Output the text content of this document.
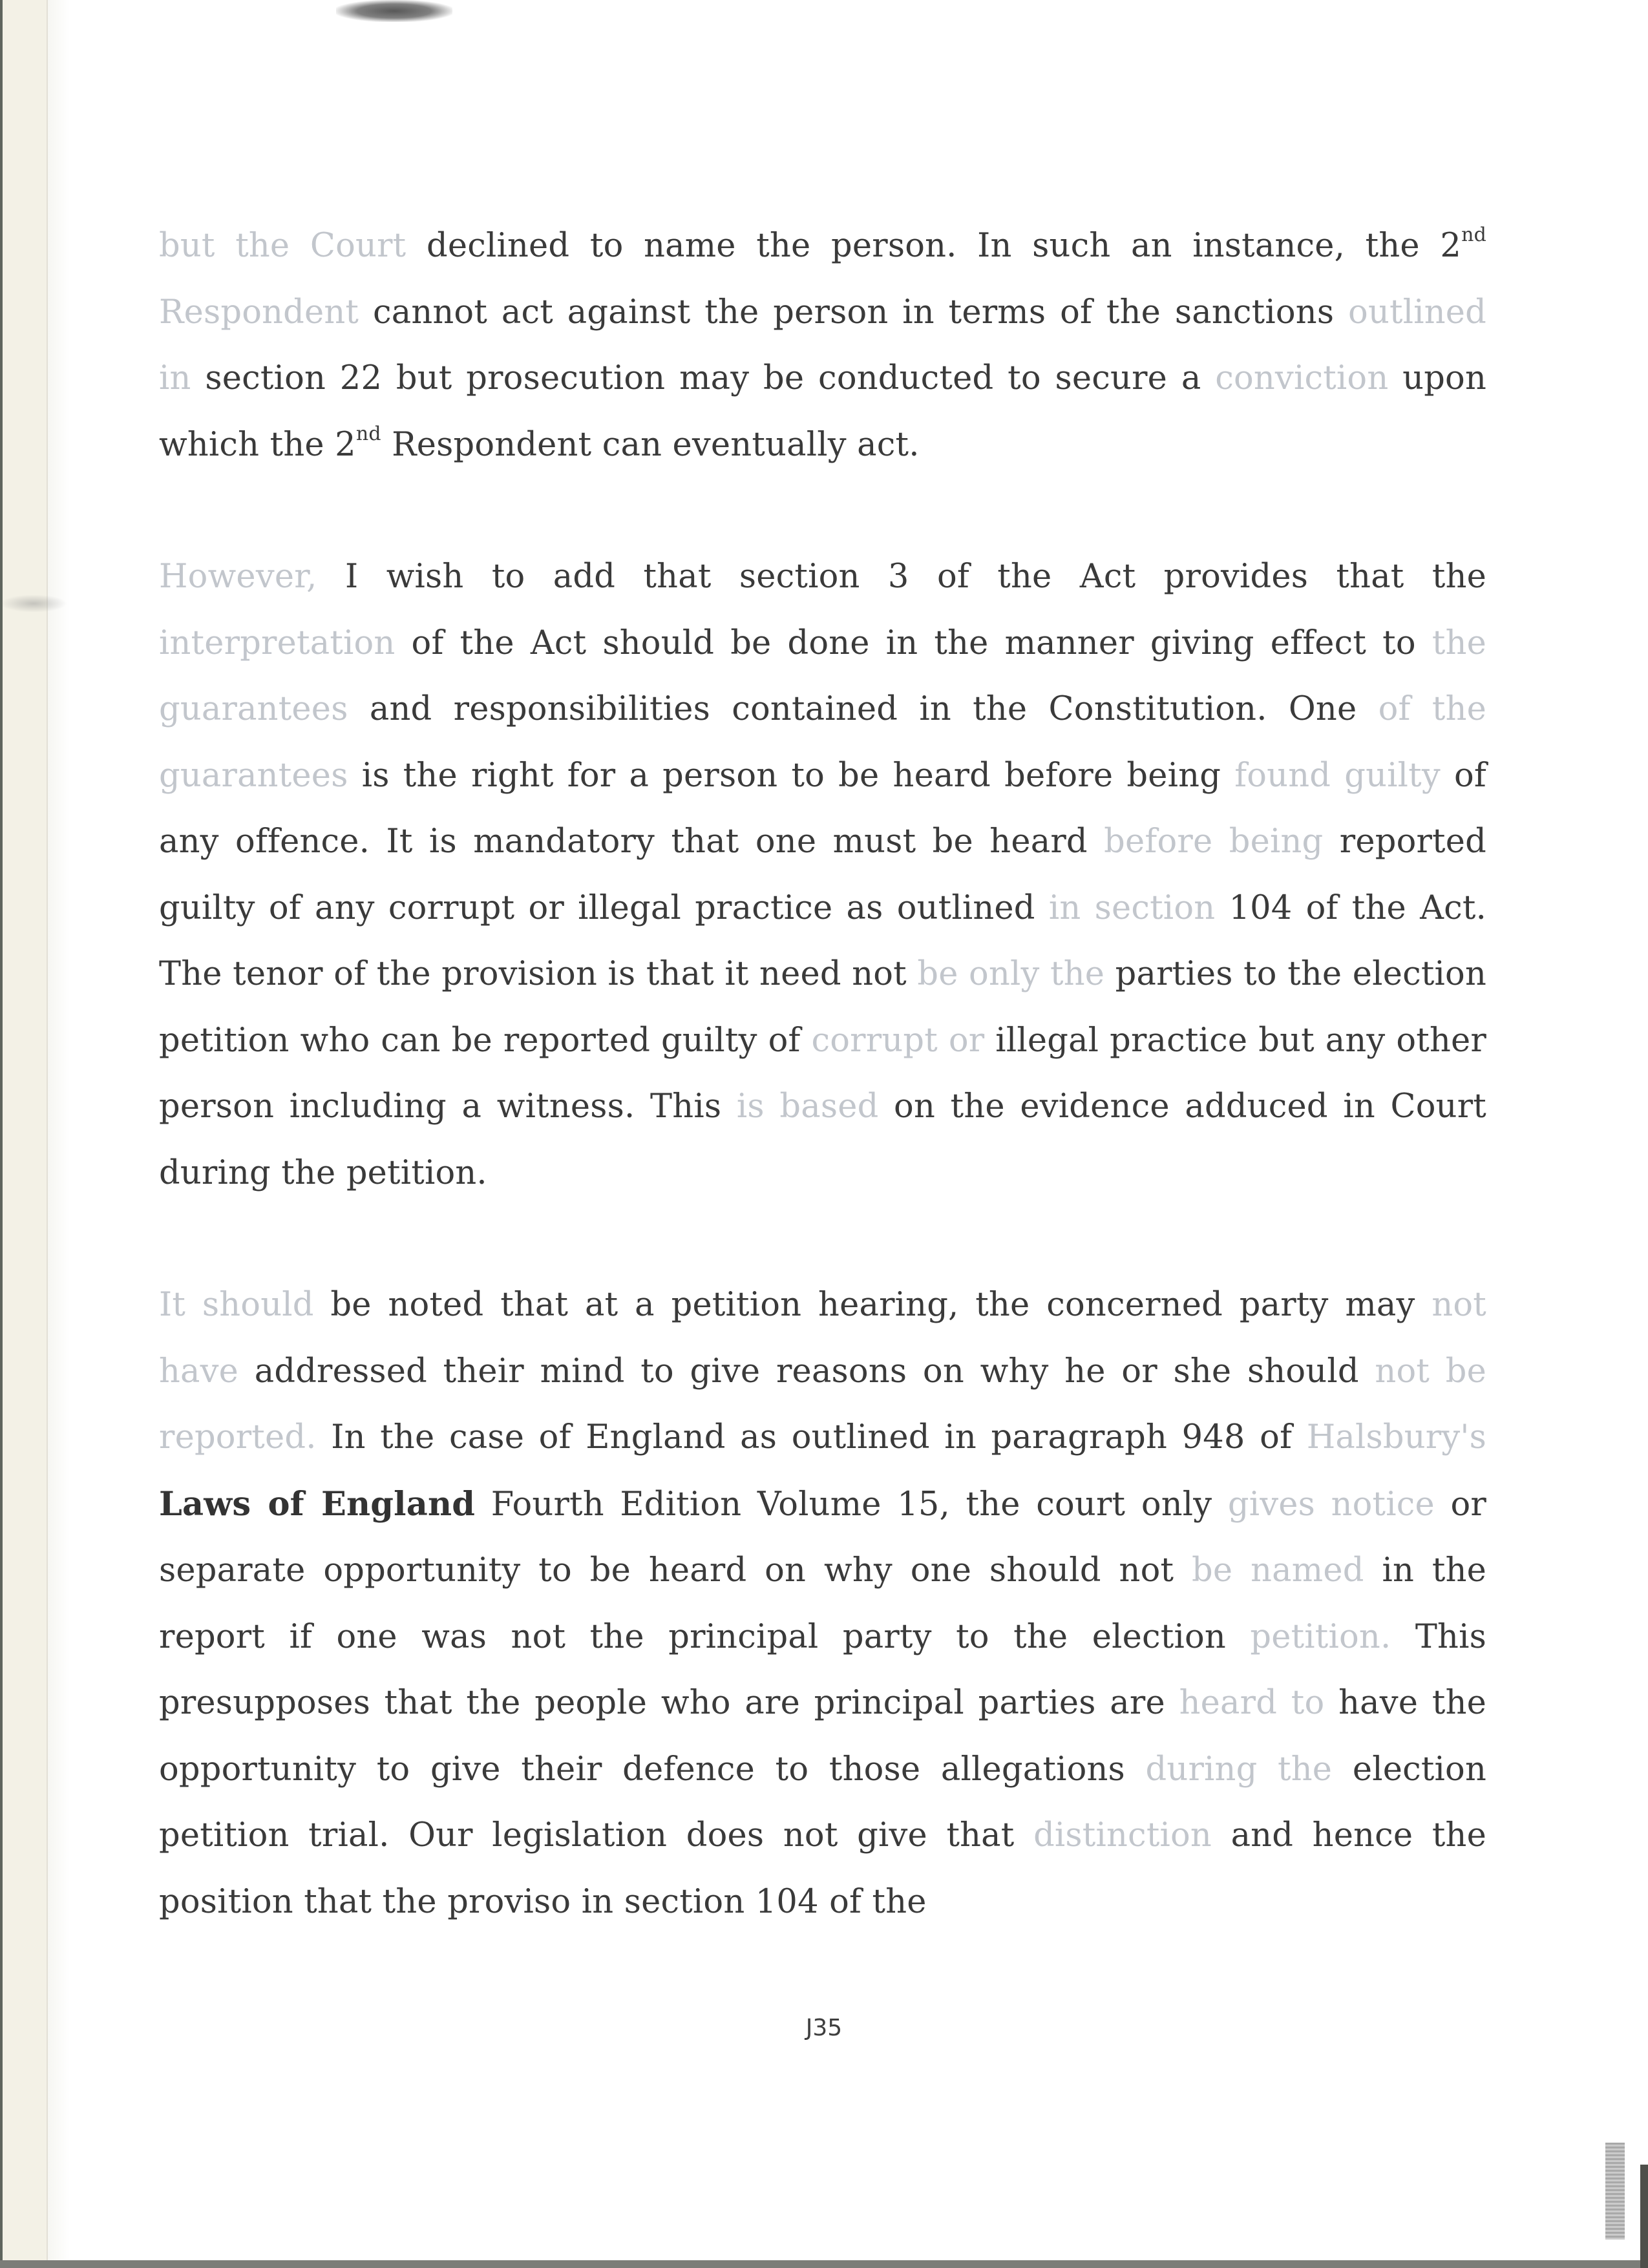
but the Court declined to name the person. In such an instance, the 2nd Respondent cannot act against the person in terms of the sanctions outlined in section 22 but prosecution may be conducted to secure a conviction upon which the 2nd Respondent can eventually act.

However, I wish to add that section 3 of the Act provides that the interpretation of the Act should be done in the manner giving effect to the guarantees and responsibilities contained in the Constitution. One of the guarantees is the right for a person to be heard before being found guilty of any offence. It is mandatory that one must be heard before being reported guilty of any corrupt or illegal practice as outlined in section 104 of the Act. The tenor of the provision is that it need not be only the parties to the election petition who can be reported guilty of corrupt or illegal practice but any other person including a witness. This is based on the evidence adduced in Court during the petition.

It should be noted that at a petition hearing, the concerned party may not have addressed their mind to give reasons on why he or she should not be reported. In the case of England as outlined in paragraph 948 of Halsbury's Laws of England Fourth Edition Volume 15, the court only gives notice or separate opportunity to be heard on why one should not be named in the report if one was not the principal party to the election petition. This presupposes that the people who are principal parties are heard to have the opportunity to give their defence to those allegations during the election petition trial. Our legislation does not give that distinction and hence the position that the proviso in section 104 of the

J35
